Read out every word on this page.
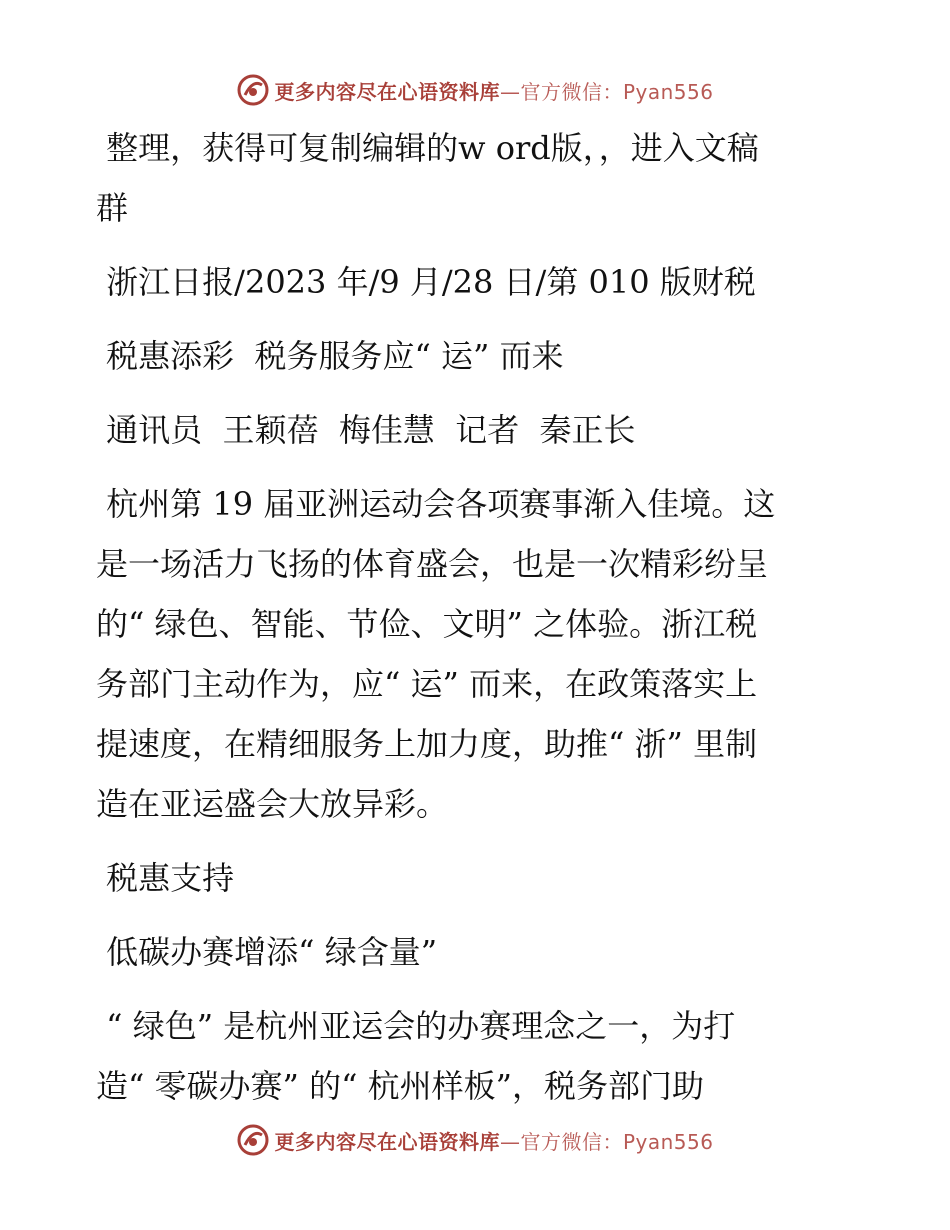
更多内容尽在心语资料库—官方微信：Pyan556

整理，获得可复制编辑的w ord版，，进入文稿

群

浙江日报/2023 年/9 月/28 日/第 010 版财税

税惠添彩  税务服务应“ 运” 而来

通讯员  王颖蓓  梅佳慧  记者  秦正长

杭州第 19 届亚洲运动会各项赛事渐入佳境。这

是一场活力飞扬的体育盛会，也是一次精彩纷呈

的“ 绿色、智能、节俭、文明” 之体验。浙江税

务部门主动作为，应“ 运” 而来，在政策落实上

提速度，在精细服务上加力度，助推“ 浙” 里制

造在亚运盛会大放异彩。

税惠支持

低碳办赛增添“ 绿含量”

“ 绿色” 是杭州亚运会的办赛理念之一，为打

造“ 零碳办赛” 的“ 杭州样板”，税务部门助

更多内容尽在心语资料库—官方微信：Pyan556
